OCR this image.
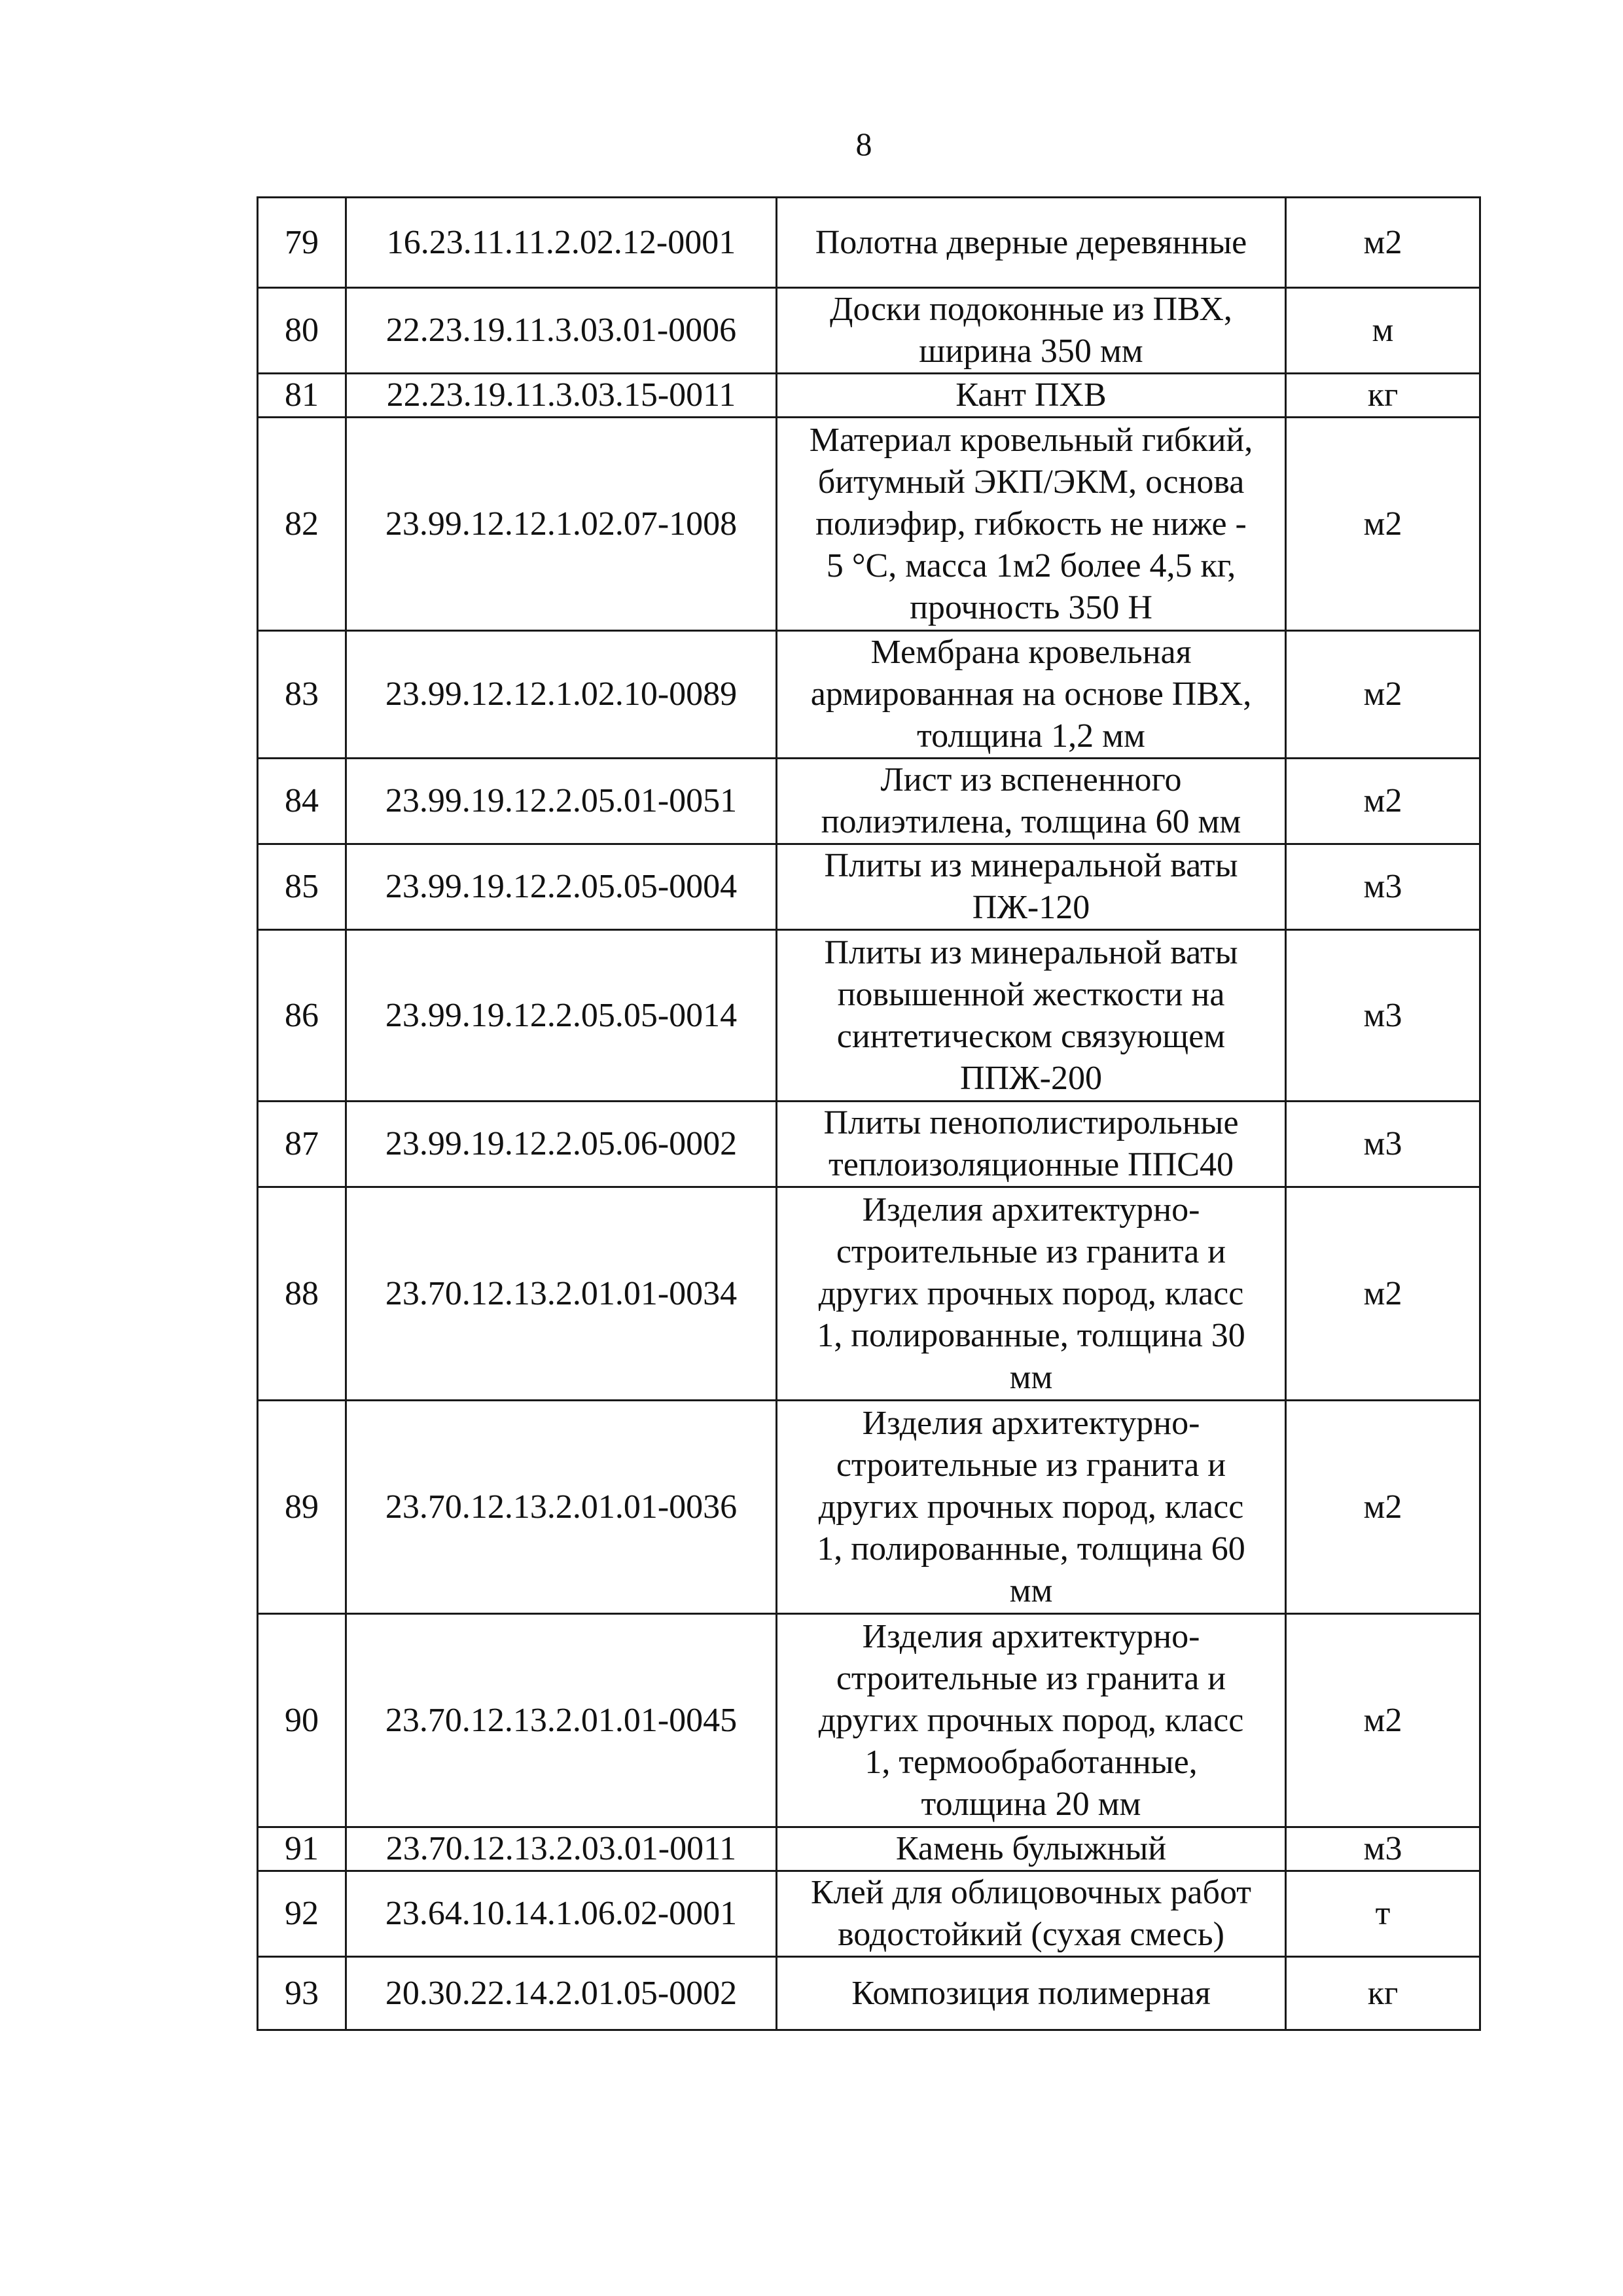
8
79	16.23.11.11.2.02.12-0001	Полотна дверные деревянные	м2
80	22.23.19.11.3.03.01-0006	Доски подоконные из ПВХ,
ширина 350 мм	м
81	22.23.19.11.3.03.15-0011	Кант ПХВ	кг
82	23.99.12.12.1.02.07-1008	Материал кровельный гибкий,
битумный ЭКП/ЭКМ, основа
полиэфир, гибкость не ниже -
5 °С, масса 1м2 более 4,5 кг,
прочность 350 Н	м2
83	23.99.12.12.1.02.10-0089	Мембрана кровельная
армированная на основе ПВХ,
толщина 1,2 мм	м2
84	23.99.19.12.2.05.01-0051	Лист из вспененного
полиэтилена, толщина 60 мм	м2
85	23.99.19.12.2.05.05-0004	Плиты из минеральной ваты
ПЖ-120	м3
86	23.99.19.12.2.05.05-0014	Плиты из минеральной ваты
повышенной жесткости на
синтетическом связующем
ППЖ-200	м3
87	23.99.19.12.2.05.06-0002	Плиты пенополистирольные
теплоизоляционные ППС40	м3
88	23.70.12.13.2.01.01-0034	Изделия архитектурно-
строительные из гранита и
других прочных пород, класс
1, полированные, толщина 30
мм	м2
89	23.70.12.13.2.01.01-0036	Изделия архитектурно-
строительные из гранита и
других прочных пород, класс
1, полированные, толщина 60
мм	м2
90	23.70.12.13.2.01.01-0045	Изделия архитектурно-
строительные из гранита и
других прочных пород, класс
1, термообработанные,
толщина 20 мм	м2
91	23.70.12.13.2.03.01-0011	Камень булыжный	м3
92	23.64.10.14.1.06.02-0001	Клей для облицовочных работ
водостойкий (сухая смесь)	т
93	20.30.22.14.2.01.05-0002	Композиция полимерная	кг
